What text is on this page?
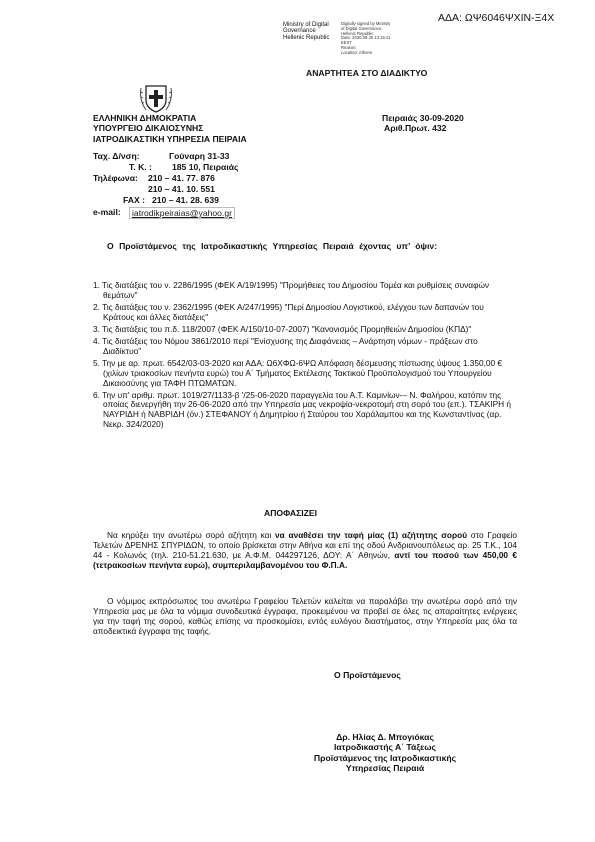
ΑΔΑ: ΩΨ6046ΨΧΙΝ-Ξ4Χ
Ministry of Digital
Governance
Hellenic Republic
Digitally signed by Ministry
of Digital Governance,
Hellenic Republic
Date: 2020.09.30 13:15:11
EEST
Reason:
Location: Athens
ΑΝΑΡΤΗΤΕΑ ΣΤΟ ΔΙΑΔΙΚΤΥΟ
ΕΛΛΗΝΙΚΗ ΔΗΜΟΚΡΑΤΙΑ
ΥΠΟΥΡΓΕΙΟ ΔΙΚΑΙΟΣΥΝΗΣ
ΙΑΤΡΟΔΙΚΑΣΤΙΚΗ ΥΠΗΡΕΣΙΑ ΠΕΙΡΑΙΑ
Πειραιάς 30-09-2020
Αριθ.Πρωτ. 432
Ταχ. Δ/νση:	Γούναρη 31-33
Τ. Κ. : 185 10, Πειραιάς
Τηλέφωνα: 210 – 41. 77. 876
210 – 41. 10. 551
FAX : 210 – 41. 28. 639
e-mail:	iatrodikpeiraias@yahoo.gr
Ο Προϊστάμενος της Ιατροδικαστικής Υπηρεσίας Πειραιά έχοντας υπ’ όψιν:
1. Τις διατάξεις του ν. 2286/1995 (ΦΕΚ Α/19/1995) "Προμήθειες του Δημοσίου Τομέα και ρυθμίσεις συναφών θεμάτων"
2. Τις διατάξεις του ν. 2362/1995 (ΦΕΚ Α/247/1995) "Περί Δημοσίου Λογιστικού, ελέγχου των δαπανών του Κράτους και άλλες διατάξεις"
3. Τις διατάξεις του π.δ. 118/2007 (ΦΕΚ Α/150/10-07-2007) "Κανονισμός Προμηθειών Δημοσίου (ΚΠΔ)"
4. Τις διατάξεις του Νόμου 3861/2010 περί "Ενίσχυσης της Διαφάνειας – Ανάρτηση νόμων - πράξεων στο Διαδίκτυο"
5. Την με αρ. πρωτ. 6542/03-03-2020 και ΑΔΑ: Ω6ΧΦΩ-6ΨΩ Απόφαση δέσμευσης πίστωσης ύψους 1.350,00 €(χιλίων τριακοσίων πενήντα ευρώ) του Α΄ Τμήματος Εκτέλεσης Τακτικού Προϋπολογισμού του Υπουργείου Δικαιοσύνης για ΤΑΦΗ ΠΤΩΜΑΤΩΝ.
6. Την υπ' αριθμ. πρωτ. 1019/27/1133-β '/25-06-2020 παραγγελία του Α.Τ. Καμινίων-– Ν. Φαλήρου, κατόπιν της οποίας διενεργήθη την 26-06-2020 από την Υπηρεσία μας νεκροψία-νεκροτομή στη σορό του (επ.). ΤΣΑΚΙΡΗ ή ΝΑΥΡΙΔΗ ή ΝΑΒΡΙΔΗ (όν.) ΣΤΕΦΑΝΟΥ ή Δημητρίου ή Σταύρου του Χαράλαμπου και της Κωνσταντίνας (αρ. Νεκρ. 324/2020)
ΑΠΟΦΑΣΙΖΕΙ
Να κηρύξει την ανωτέρω σορό αζήτητη και να αναθέσει την ταφή μίας (1) αζήτητης σορού στο Γραφείο Τελετών ΔΡΕΝΗΣ ΣΠΥΡΙΔΩΝ, το οποίο βρίσκεται στην Αθήνα και επί της οδού Ανδριανουπόλεως αρ. 25 Τ.Κ., 104 44 - Κολωνός (τηλ. 210-51.21.630, με Α.Φ.Μ. 044297126, ΔΟΥ: Α΄ Αθηνών, αντί του ποσού των 450,00 € (τετρακοσίων πενήντα ευρώ), συμπεριλαμβανομένου του Φ.Π.Α.
Ο νόμιμος εκπρόσωπος του ανωτέρω Γραφείου Τελετών καλείται να παραλάβει την ανωτέρω σορό από την Υπηρεσία μας με όλα τα νόμιμα συνοδευτικά έγγραφα, προκειμένου να προβεί σε όλες τις απαραίτητες ενέργειες για την ταφή της σορού, καθώς επίσης να προσκομίσει, εντός ευλόγου διαστήματος, στην Υπηρεσία μας όλα τα αποδεικτικά έγγραφα της ταφής.
Ο Προϊστάμενος
Δρ. Ηλίας Δ. Μπογιόκας
Ιατροδικαστής Α΄ Τάξεως
Προϊστάμενος της Ιατροδικαστικής
Υπηρεσίας Πειραιά
